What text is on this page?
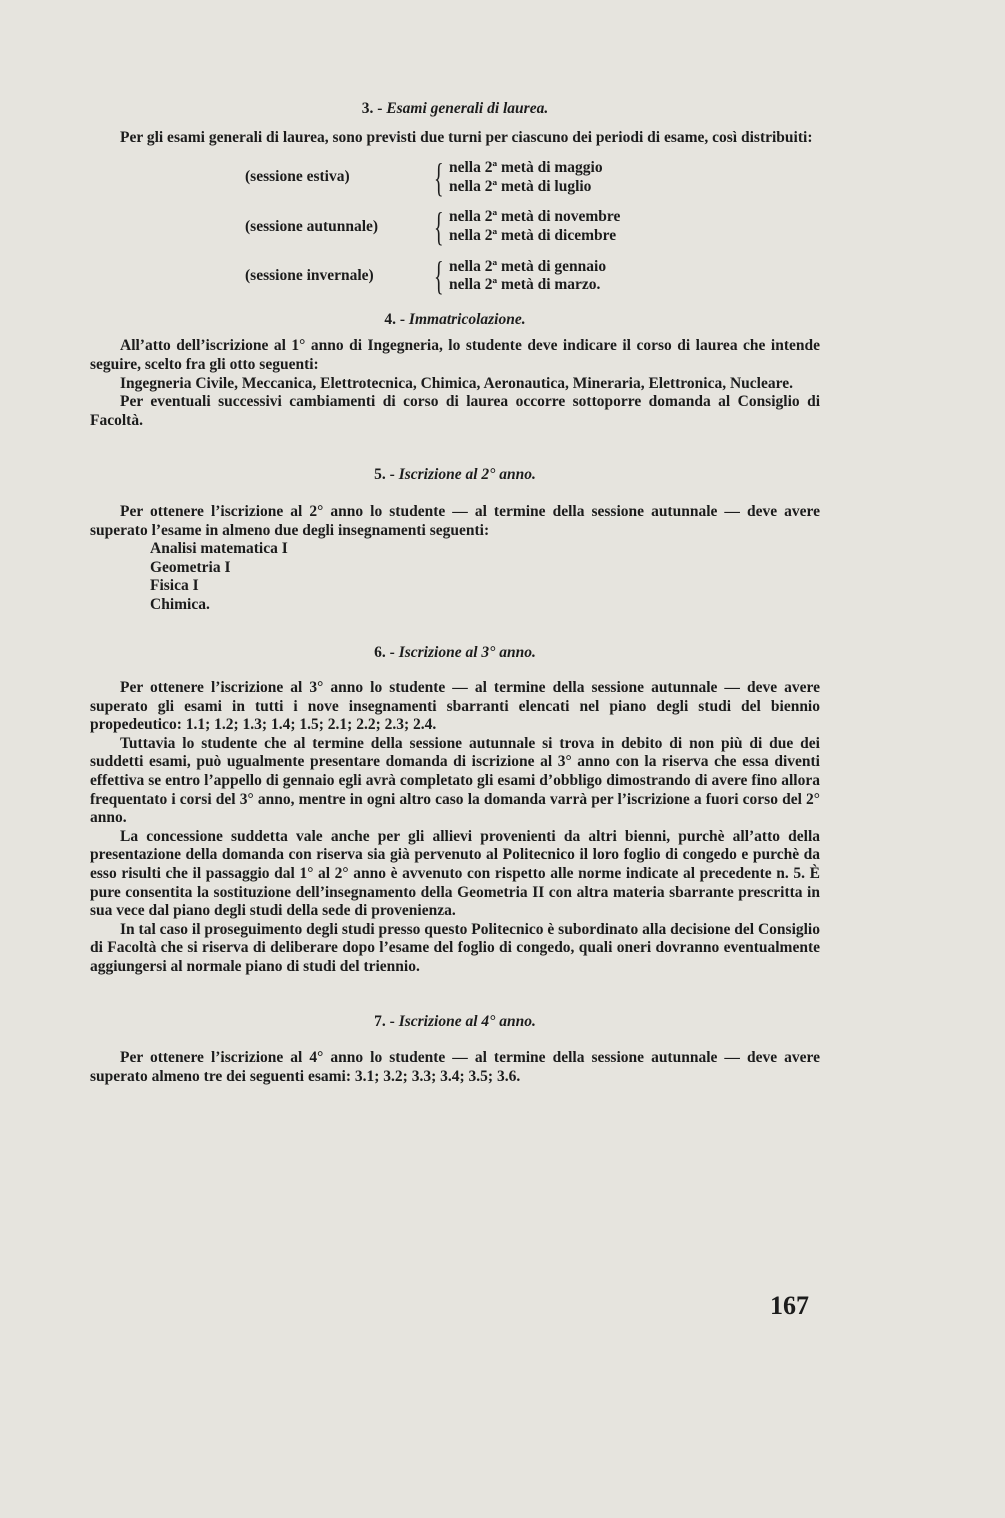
3. - Esami generali di laurea.

Per gli esami generali di laurea, sono previsti due turni per ciascuno dei periodi di esame, così distribuiti:

(sessione estiva)	{ nella 2ª metà di maggio
nella 2ª metà di luglio
(sessione autunnale)	{ nella 2ª metà di novembre
nella 2ª metà di dicembre
(sessione invernale)	{ nella 2ª metà di gennaio
nella 2ª metà di marzo.
4. - Immatricolazione.

All’atto dell’iscrizione al 1° anno di Ingegneria, lo studente deve indicare il corso di laurea che intende seguire, scelto fra gli otto seguenti:

Ingegneria Civile, Meccanica, Elettrotecnica, Chimica, Aeronautica, Mineraria, Elettronica, Nucleare.

Per eventuali successivi cambiamenti di corso di laurea occorre sottoporre domanda al Consiglio di Facoltà.

5. - Iscrizione al 2° anno.

Per ottenere l’iscrizione al 2° anno lo studente — al termine della sessione autunnale — deve avere superato l’esame in almeno due degli insegnamenti seguenti:

Analisi matematica I
Geometria I
Fisica I
Chimica.
6. - Iscrizione al 3° anno.

Per ottenere l’iscrizione al 3° anno lo studente — al termine della sessione autunnale — deve avere superato gli esami in tutti i nove insegnamenti sbarranti elencati nel piano degli studi del biennio propedeutico: 1.1; 1.2; 1.3; 1.4; 1.5; 2.1; 2.2; 2.3; 2.4.

Tuttavia lo studente che al termine della sessione autunnale si trova in debito di non più di due dei suddetti esami, può ugualmente presentare domanda di iscrizione al 3° anno con la riserva che essa diventi effettiva se entro l’appello di gennaio egli avrà completato gli esami d’obbligo dimostrando di avere fino allora frequentato i corsi del 3° anno, mentre in ogni altro caso la domanda varrà per l’iscrizione a fuori corso del 2° anno.

La concessione suddetta vale anche per gli allievi provenienti da altri bienni, purchè all’atto della presentazione della domanda con riserva sia già pervenuto al Politecnico il loro foglio di congedo e purchè da esso risulti che il passaggio dal 1° al 2° anno è avvenuto con rispetto alle norme indicate al precedente n. 5. È pure consentita la sostituzione dell’insegnamento della Geometria II con altra materia sbarrante prescritta in sua vece dal piano degli studi della sede di provenienza.

In tal caso il proseguimento degli studi presso questo Politecnico è subordinato alla decisione del Consiglio di Facoltà che si riserva di deliberare dopo l’esame del foglio di congedo, quali oneri dovranno eventualmente aggiungersi al normale piano di studi del triennio.

7. - Iscrizione al 4° anno.

Per ottenere l’iscrizione al 4° anno lo studente — al termine della sessione autunnale — deve avere superato almeno tre dei seguenti esami: 3.1; 3.2; 3.3; 3.4; 3.5; 3.6.

167
